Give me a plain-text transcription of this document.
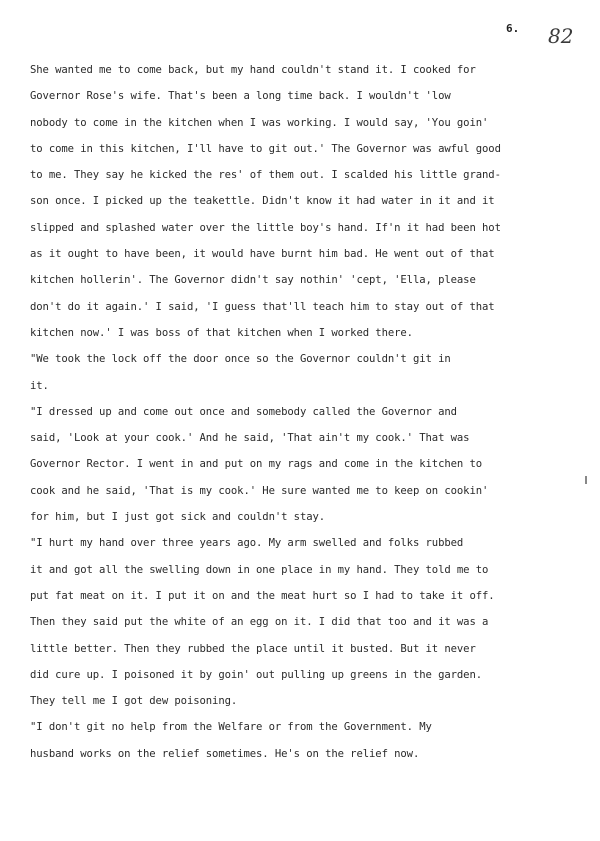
6. 82
She wanted me to come back, but my hand couldn't stand it. I cooked for
Governor Rose's wife. That's been a long time back. I wouldn't 'low
nobody to come in the kitchen when I was working. I would say, 'You goin'
to come in this kitchen, I'll have to git out.' The Governor was awful good
to me. They say he kicked the res' of them out. I scalded his little grand-
son once. I picked up the teakettle. Didn't know it had water in it and it
slipped and splashed water over the little boy's hand. If'n it had been hot
as it ought to have been, it would have burnt him bad. He went out of that
kitchen hollerin'. The Governor didn't say nothin' 'cept, 'Ella, please
don't do it again.' I said, 'I guess that'll teach him to stay out of that
kitchen now.' I was boss of that kitchen when I worked there.
"We took the lock off the door once so the Governor couldn't git in
it.
"I dressed up and come out once and somebody called the Governor and
said, 'Look at your cook.' And he said, 'That ain't my cook.' That was
Governor Rector. I went in and put on my rags and come in the kitchen to
cook and he said, 'That is my cook.' He sure wanted me to keep on cookin'
for him, but I just got sick and couldn't stay.
"I hurt my hand over three years ago. My arm swelled and folks rubbed
it and got all the swelling down in one place in my hand. They told me to
put fat meat on it. I put it on and the meat hurt so I had to take it off.
Then they said put the white of an egg on it. I did that too and it was a
little better. Then they rubbed the place until it busted. But it never
did cure up. I poisoned it by goin' out pulling up greens in the garden.
They tell me I got dew poisoning.
"I don't git no help from the Welfare or from the Government. My
husband works on the relief sometimes. He's on the relief now.
